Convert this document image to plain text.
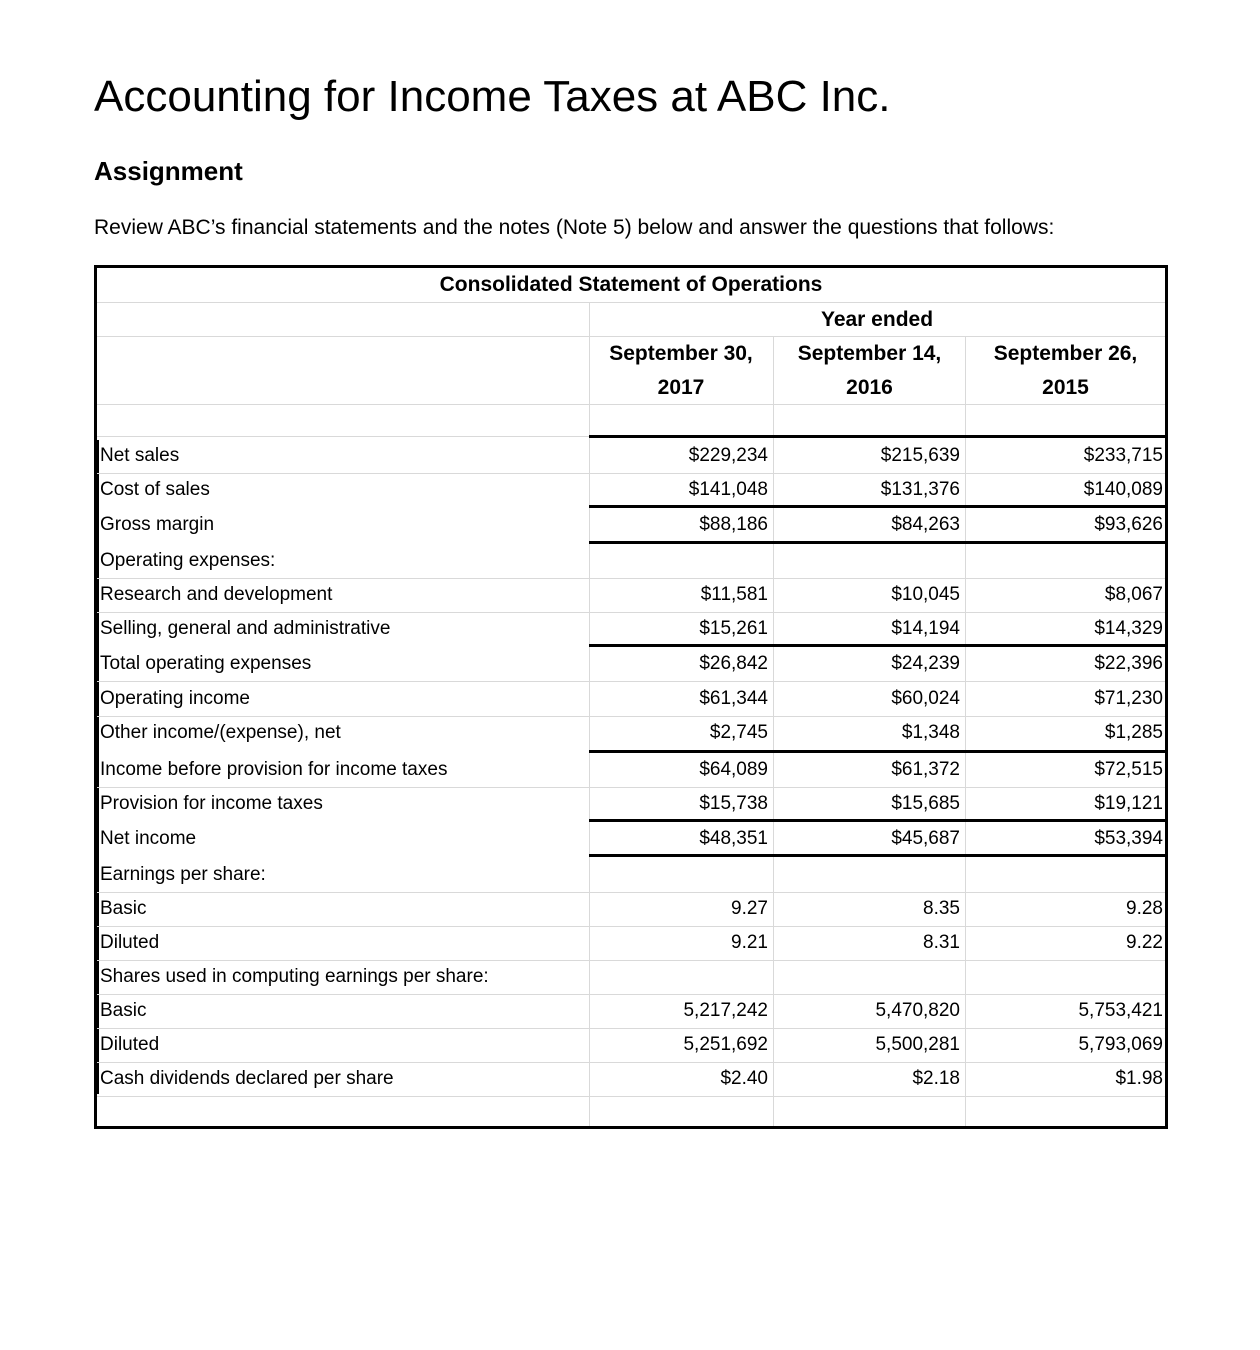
Accounting for Income Taxes at ABC Inc.
Assignment

Review ABC’s financial statements and the notes (Note 5) below and answer the questions that follows:

Consolidated Statement of Operations
Year ended
September 30,
2017
September 14,
2016
September 26,
2015
Net sales	$229,234	$215,639	$233,715
Cost of sales	$141,048	$131,376	$140,089
Gross margin	$88,186	$84,263	$93,626
Operating expenses:
Research and development	$11,581	$10,045	$8,067
Selling, general and administrative	$15,261	$14,194	$14,329
Total operating expenses	$26,842	$24,239	$22,396
Operating income	$61,344	$60,024	$71,230
Other income/(expense), net	$2,745	$1,348	$1,285
Income before provision for income taxes	$64,089	$61,372	$72,515
Provision for income taxes	$15,738	$15,685	$19,121
Net income	$48,351	$45,687	$53,394
Earnings per share:
Basic	9.27	8.35	9.28
Diluted	9.21	8.31	9.22
Shares used in computing earnings per share:
Basic	5,217,242	5,470,820	5,753,421
Diluted	5,251,692	5,500,281	5,793,069
Cash dividends declared per share	$2.40	$2.18	$1.98
